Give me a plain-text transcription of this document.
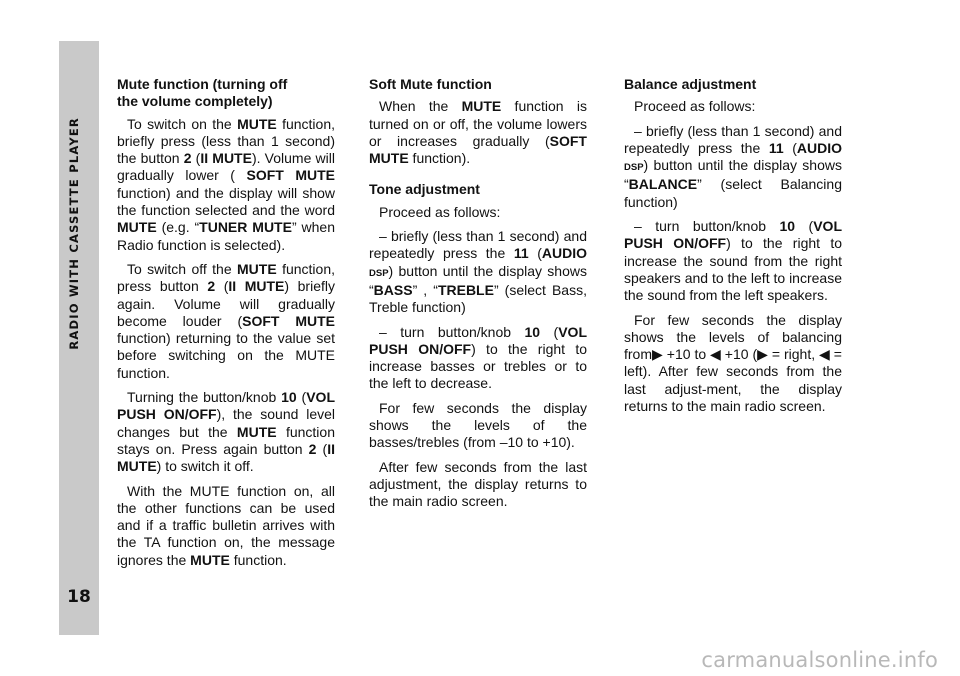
RADIO WITH CASSETTE PLAYER
18
Mute function (turning off
the volume completely)

To switch on the MUTE function, briefly press (less than 1 second) the button 2 (II MUTE). Volume will gradually lower ( SOFT MUTE function) and the display will show the function selected and the word MUTE (e.g. “TUNER MUTE” when Radio function is selected).

To switch off the MUTE function, press button 2 (II MUTE) briefly again. Volume will gradually become louder (SOFT MUTE function) returning to the value set before switching on the MUTE function.

Turning the button/knob 10 (VOL PUSH ON/OFF), the sound level changes but the MUTE function stays on. Press again button 2 (II MUTE) to switch it off.

With the MUTE function on, all the other functions can be used and if a traffic bulletin arrives with the TA function on, the message ignores the MUTE function.

Soft Mute function

When the MUTE function is turned on or off, the volume lowers or increases gradually (SOFT MUTE function).

Tone adjustment

Proceed as follows:

– briefly (less than 1 second) and repeatedly press the 11 (AUDIO DSP) button until the display shows “BASS” , “TREBLE” (select Bass, Treble function)

– turn button/knob 10 (VOL PUSH ON/OFF) to the right to increase basses or trebles or to the left to decrease.

For few seconds the display shows the levels of the basses/trebles (from –10 to +10).

After few seconds from the last adjustment, the display returns to the main radio screen.

Balance adjustment

Proceed as follows:

– briefly (less than 1 second) and repeatedly press the 11 (AUDIO DSP) button until the display shows “BALANCE” (select Balancing function)

– turn button/knob 10 (VOL PUSH ON/OFF) to the right to increase the sound from the right speakers and to the left to increase the sound from the left speakers.

For few seconds the display shows the levels of balancing from▶ +10 to ◀ +10 (▶ = right, ◀ = left). After few seconds from the last adjust-ment, the display returns to the main radio screen.

carmanualsonline.info
